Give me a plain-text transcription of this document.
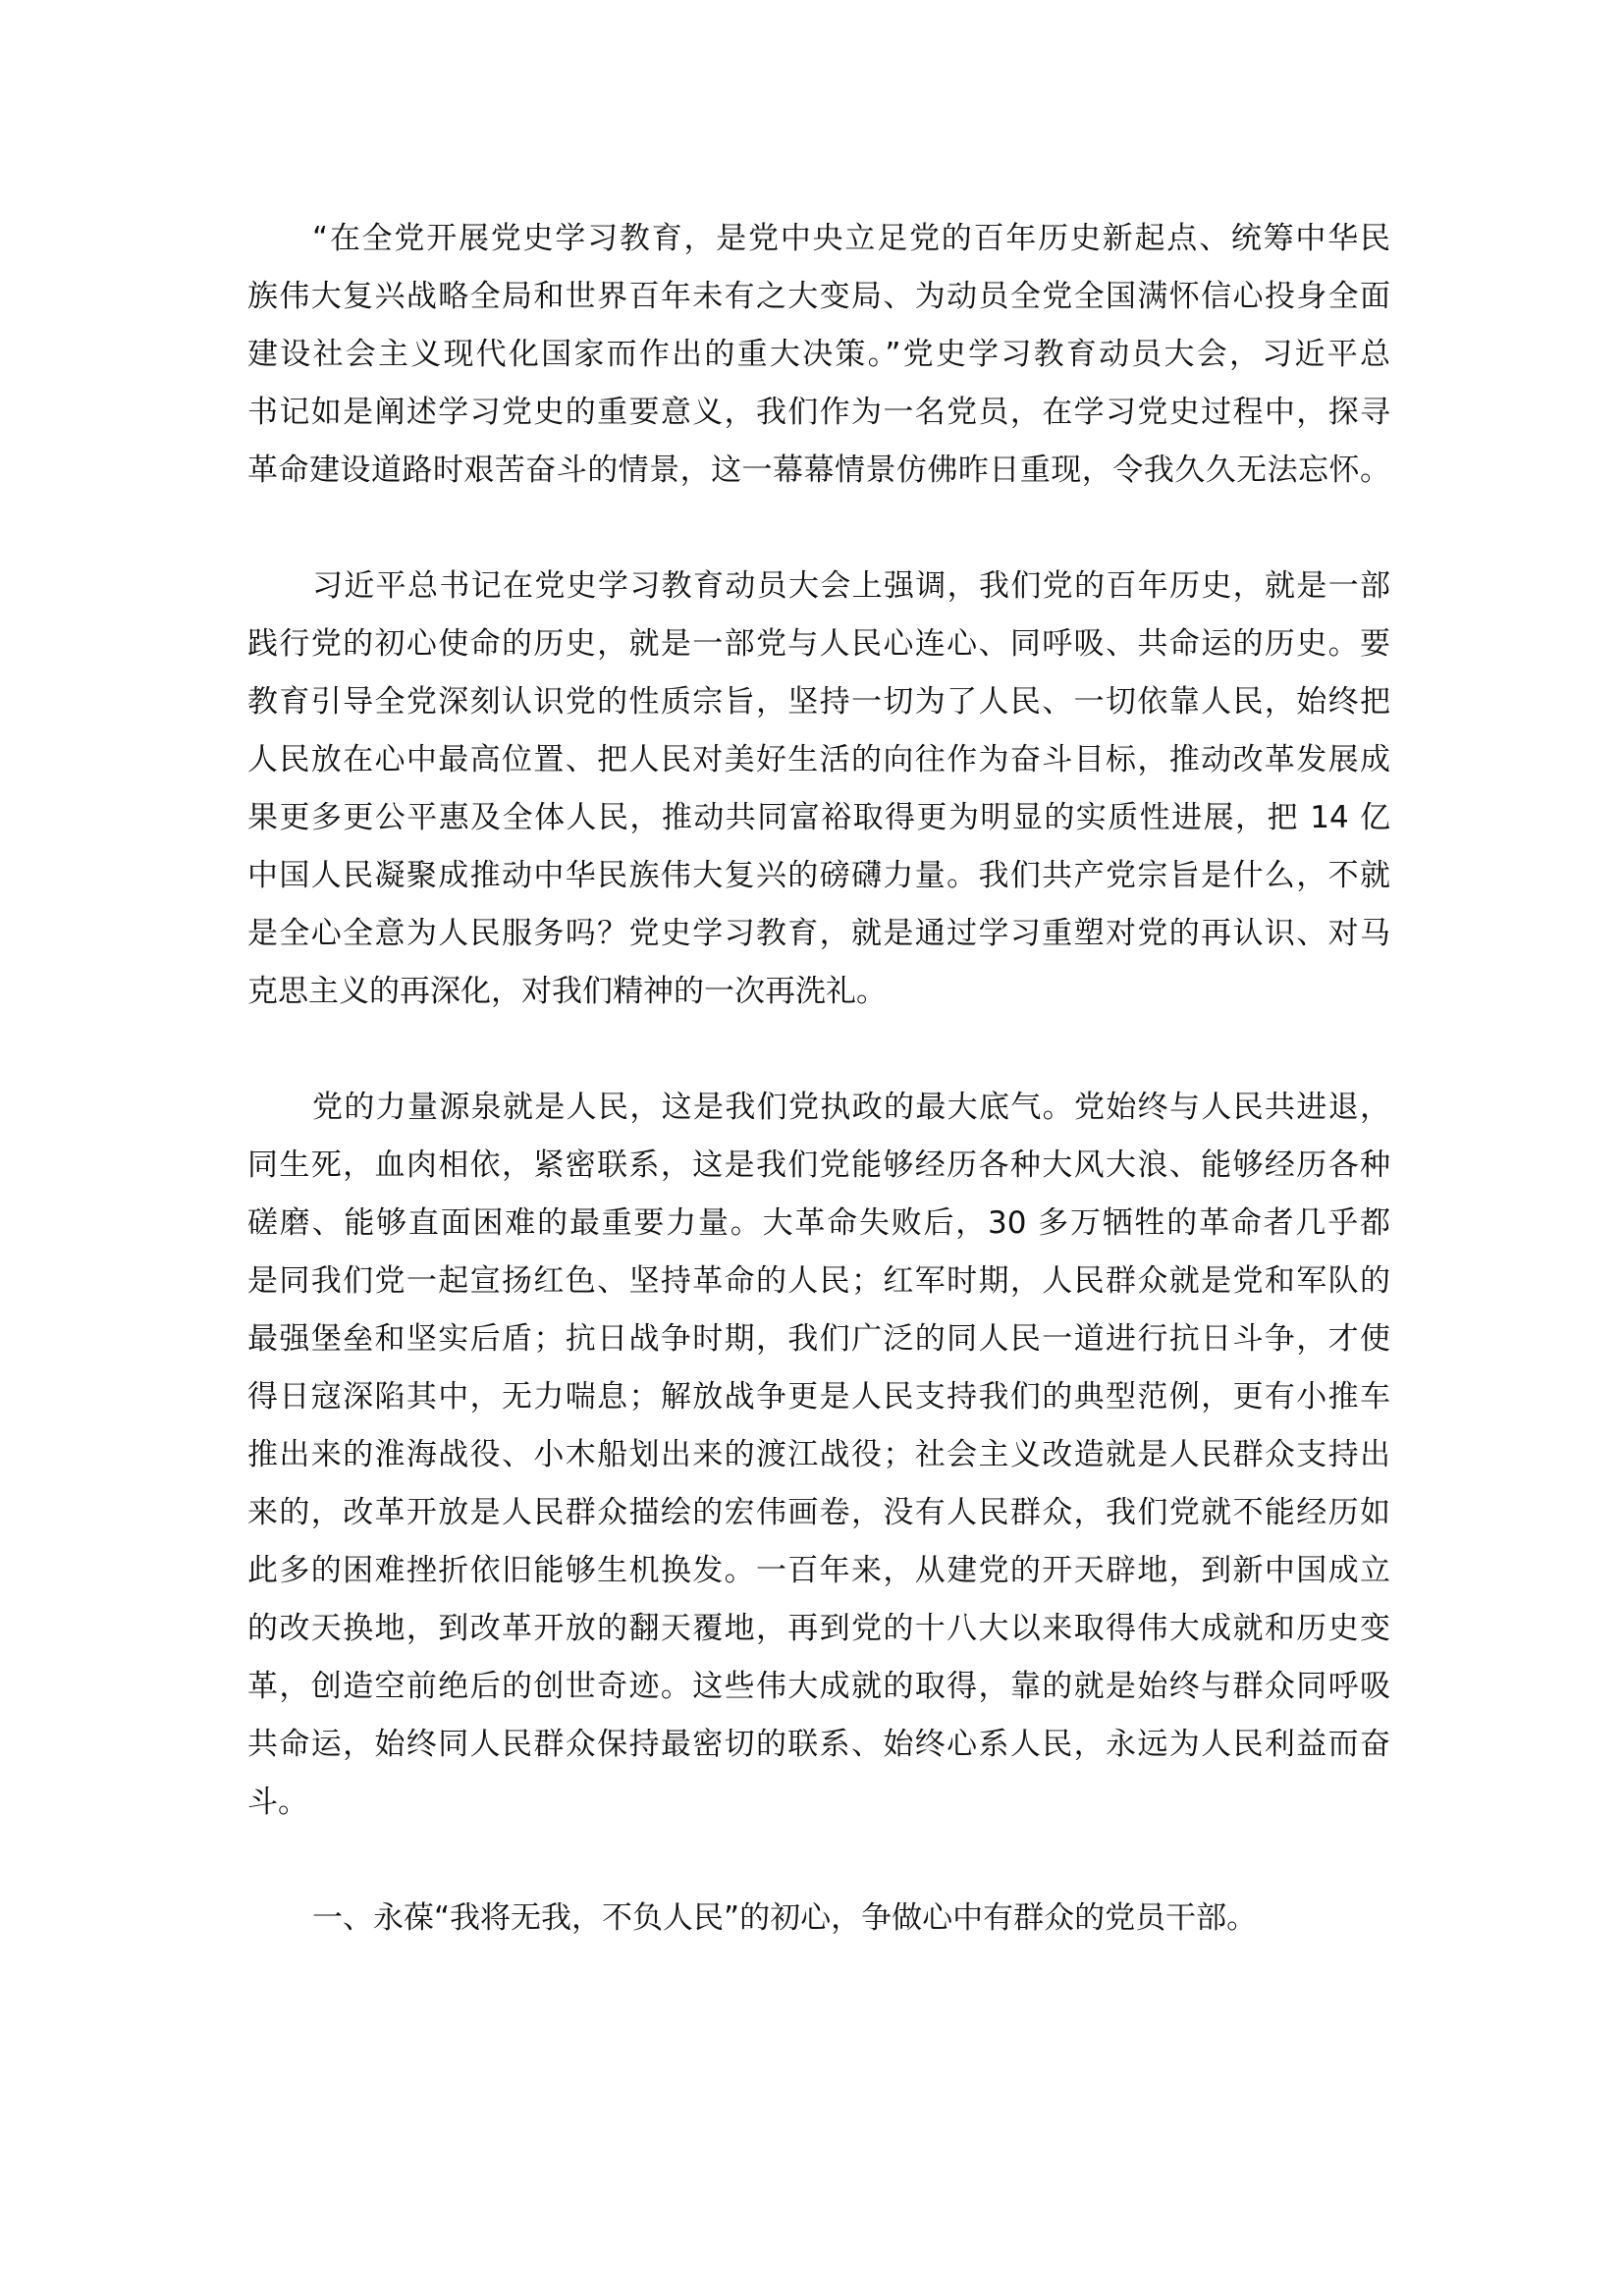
“在全党开展党史学习教育，是党中央立足党的百年历史新起点、统筹中华民
族伟大复兴战略全局和世界百年未有之大变局、为动员全党全国满怀信心投身全面
建设社会主义现代化国家而作出的重大决策。”党史学习教育动员大会，习近平总
书记如是阐述学习党史的重要意义，我们作为一名党员，在学习党史过程中，探寻
革命建设道路时艰苦奋斗的情景，这一幕幕情景仿佛昨日重现，令我久久无法忘怀。
习近平总书记在党史学习教育动员大会上强调，我们党的百年历史，就是一部
践行党的初心使命的历史，就是一部党与人民心连心、同呼吸、共命运的历史。要
教育引导全党深刻认识党的性质宗旨，坚持一切为了人民、一切依靠人民，始终把
人民放在心中最高位置、把人民对美好生活的向往作为奋斗目标，推动改革发展成
果更多更公平惠及全体人民，推动共同富裕取得更为明显的实质性进展，把 14 亿
中国人民凝聚成推动中华民族伟大复兴的磅礴力量。我们共产党宗旨是什么，不就
是全心全意为人民服务吗？党史学习教育，就是通过学习重塑对党的再认识、对马
克思主义的再深化，对我们精神的一次再洗礼。
党的力量源泉就是人民，这是我们党执政的最大底气。党始终与人民共进退，
同生死，血肉相依，紧密联系，这是我们党能够经历各种大风大浪、能够经历各种
磋磨、能够直面困难的最重要力量。大革命失败后，30 多万牺牲的革命者几乎都
是同我们党一起宣扬红色、坚持革命的人民；红军时期，人民群众就是党和军队的
最强堡垒和坚实后盾；抗日战争时期，我们广泛的同人民一道进行抗日斗争，才使
得日寇深陷其中，无力喘息；解放战争更是人民支持我们的典型范例，更有小推车
推出来的淮海战役、小木船划出来的渡江战役；社会主义改造就是人民群众支持出
来的，改革开放是人民群众描绘的宏伟画卷，没有人民群众，我们党就不能经历如
此多的困难挫折依旧能够生机换发。一百年来，从建党的开天辟地，到新中国成立
的改天换地，到改革开放的翻天覆地，再到党的十八大以来取得伟大成就和历史变
革，创造空前绝后的创世奇迹。这些伟大成就的取得，靠的就是始终与群众同呼吸
共命运，始终同人民群众保持最密切的联系、始终心系人民，永远为人民利益而奋
斗。
一、永葆“我将无我，不负人民”的初心，争做心中有群众的党员干部。
